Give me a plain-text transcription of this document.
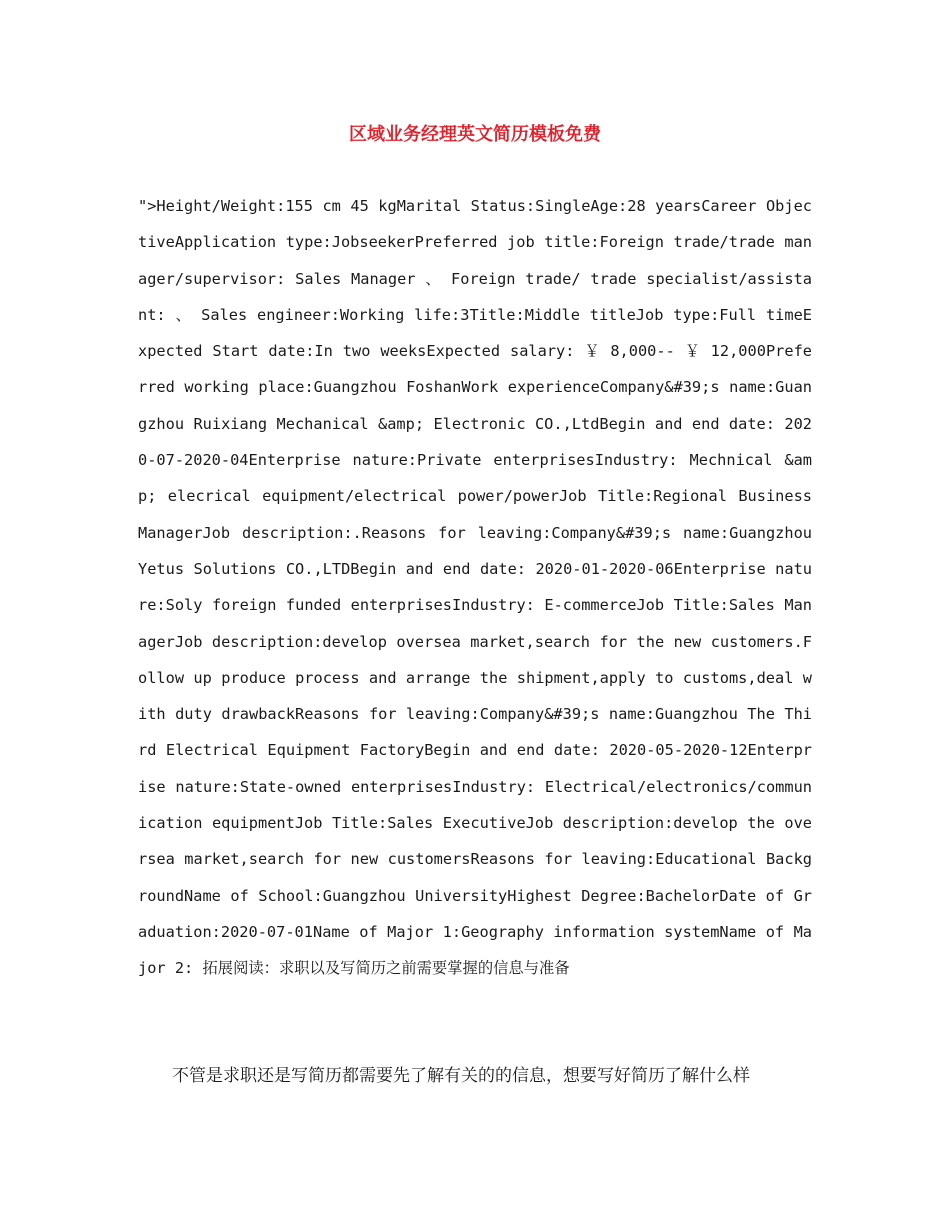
区域业务经理英文简历模板免费

">Height/Weight:155 cm 45 kgMarital Status:SingleAge:28 yearsCareer ObjectiveApplication type:JobseekerPreferred job title:Foreign trade/trade manager/supervisor: Sales Manager 、 Foreign trade/ trade specialist/assistant: 、 Sales engineer:Working life:3Title:Middle titleJob type:Full timeExpected Start date:In two weeksExpected salary: ￥ 8,000-- ￥ 12,000Preferred working place:Guangzhou FoshanWork experienceCompany&#39;s name:Guangzhou Ruixiang Mechanical &amp; Electronic CO.,LtdBegin and end date: 2020-07-2020-04Enterprise nature:Private enterprisesIndustry: Mechnical &amp; elecrical equipment/electrical power/powerJob Title:Regional Business ManagerJob description:.Reasons for leaving:Company&#39;s name:Guangzhou Yetus Solutions CO.,LTDBegin and end date: 2020-01-2020-06Enterprise nature:Soly foreign funded enterprisesIndustry: E-commerceJob Title:Sales ManagerJob description:develop oversea market,search for the new customers.Follow up produce process and arrange the shipment,apply to customs,deal with duty drawbackReasons for leaving:Company&#39;s name:Guangzhou The Third Electrical Equipment FactoryBegin and end date: 2020-05-2020-12Enterprise nature:State-owned enterprisesIndustry: Electrical/electronics/communication equipmentJob Title:Sales ExecutiveJob description:develop the oversea market,search for new customersReasons for leaving:Educational BackgroundName of School:Guangzhou UniversityHighest Degree:BachelorDate of Graduation:2020-07-01Name of Major 1:Geography information systemName of Major 2: 拓展阅读：求职以及写简历之前需要掌握的信息与准备

不管是求职还是写简历都需要先了解有关的的信息，想要写好简历了解什么样
